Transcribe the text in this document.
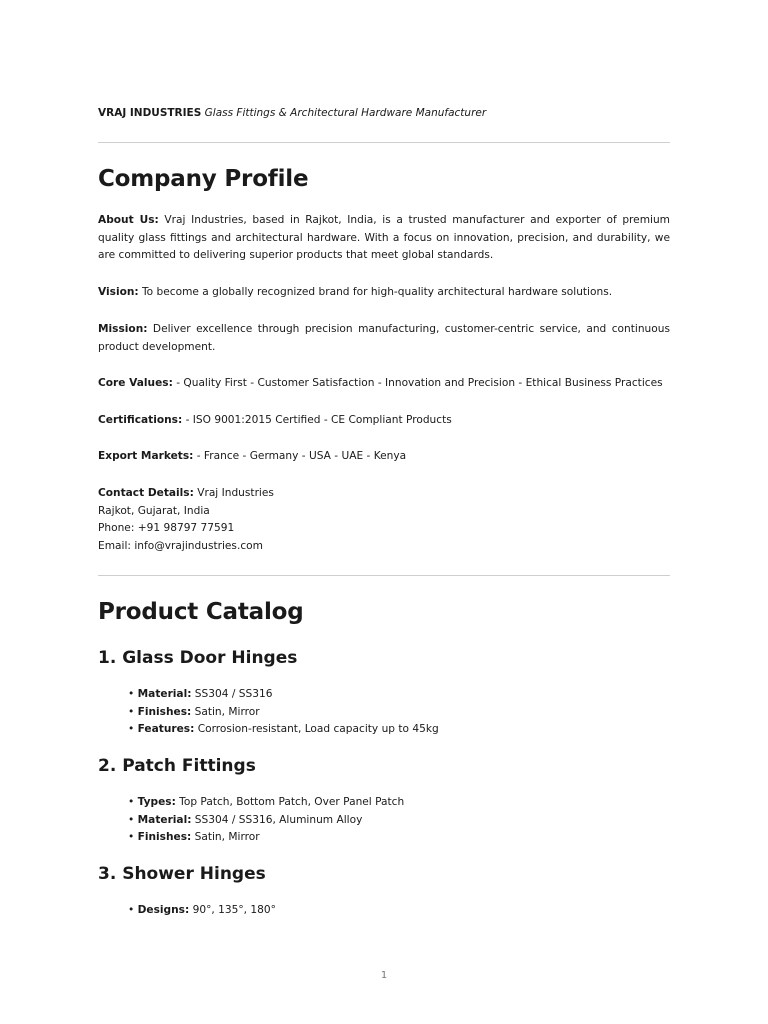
VRAJ INDUSTRIES Glass Fittings & Architectural Hardware Manufacturer
Company Profile

About Us: Vraj Industries, based in Rajkot, India, is a trusted manufacturer and exporter of premium quality glass fittings and architectural hardware. With a focus on innovation, precision, and durability, we are committed to delivering superior products that meet global standards.

Vision: To become a globally recognized brand for high-quality architectural hardware solutions.

Mission: Deliver excellence through precision manufacturing, customer-centric service, and continuous product development.

Core Values: - Quality First - Customer Satisfaction - Innovation and Precision - Ethical Business Practices

Certifications: - ISO 9001:2015 Certified - CE Compliant Products

Export Markets: - France - Germany - USA - UAE - Kenya

Contact Details: Vraj Industries
Rajkot, Gujarat, India
Phone: +91 98797 77591
Email: info@vrajindustries.com
Product Catalog
1. Glass Door Hinges
• Material: SS304 / SS316
• Finishes: Satin, Mirror
• Features: Corrosion-resistant, Load capacity up to 45kg
2. Patch Fittings
• Types: Top Patch, Bottom Patch, Over Panel Patch
• Material: SS304 / SS316, Aluminum Alloy
• Finishes: Satin, Mirror
3. Shower Hinges
• Designs: 90°, 135°, 180°
1
